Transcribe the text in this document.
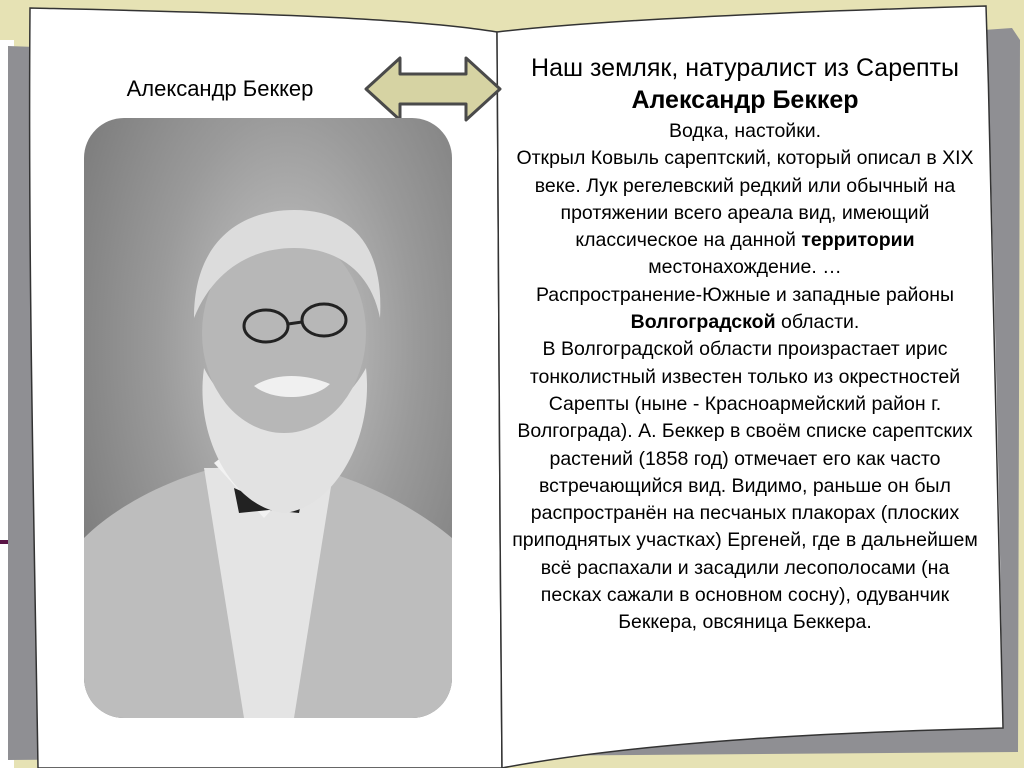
Александр Беккер

Наш земляк, натуралист из Сарепты Александр Беккер

Водка, настойки.

Открыл Ковыль сарептский, который описал в XIX веке. Лук регелевский редкий или обычный на протяжении всего ареала вид, имеющий классическое на данной территории местонахождение. …

Распространение-Южные и западные районы Волгоградской области.

В Волгоградской области произрастает ирис тонколистный известен только из окрестностей Сарепты (ныне - Красноармейский район г. Волгограда). А. Беккер в своём списке сарептских растений (1858 год) отмечает его как часто встречающийся вид. Видимо, раньше он был распространён на песчаных плакорах (плоских приподнятых участках) Ергеней, где в дальнейшем всё распахали и засадили лесополосами (на песках сажали в основном сосну), одуванчик Беккера, овсяница Беккера.
